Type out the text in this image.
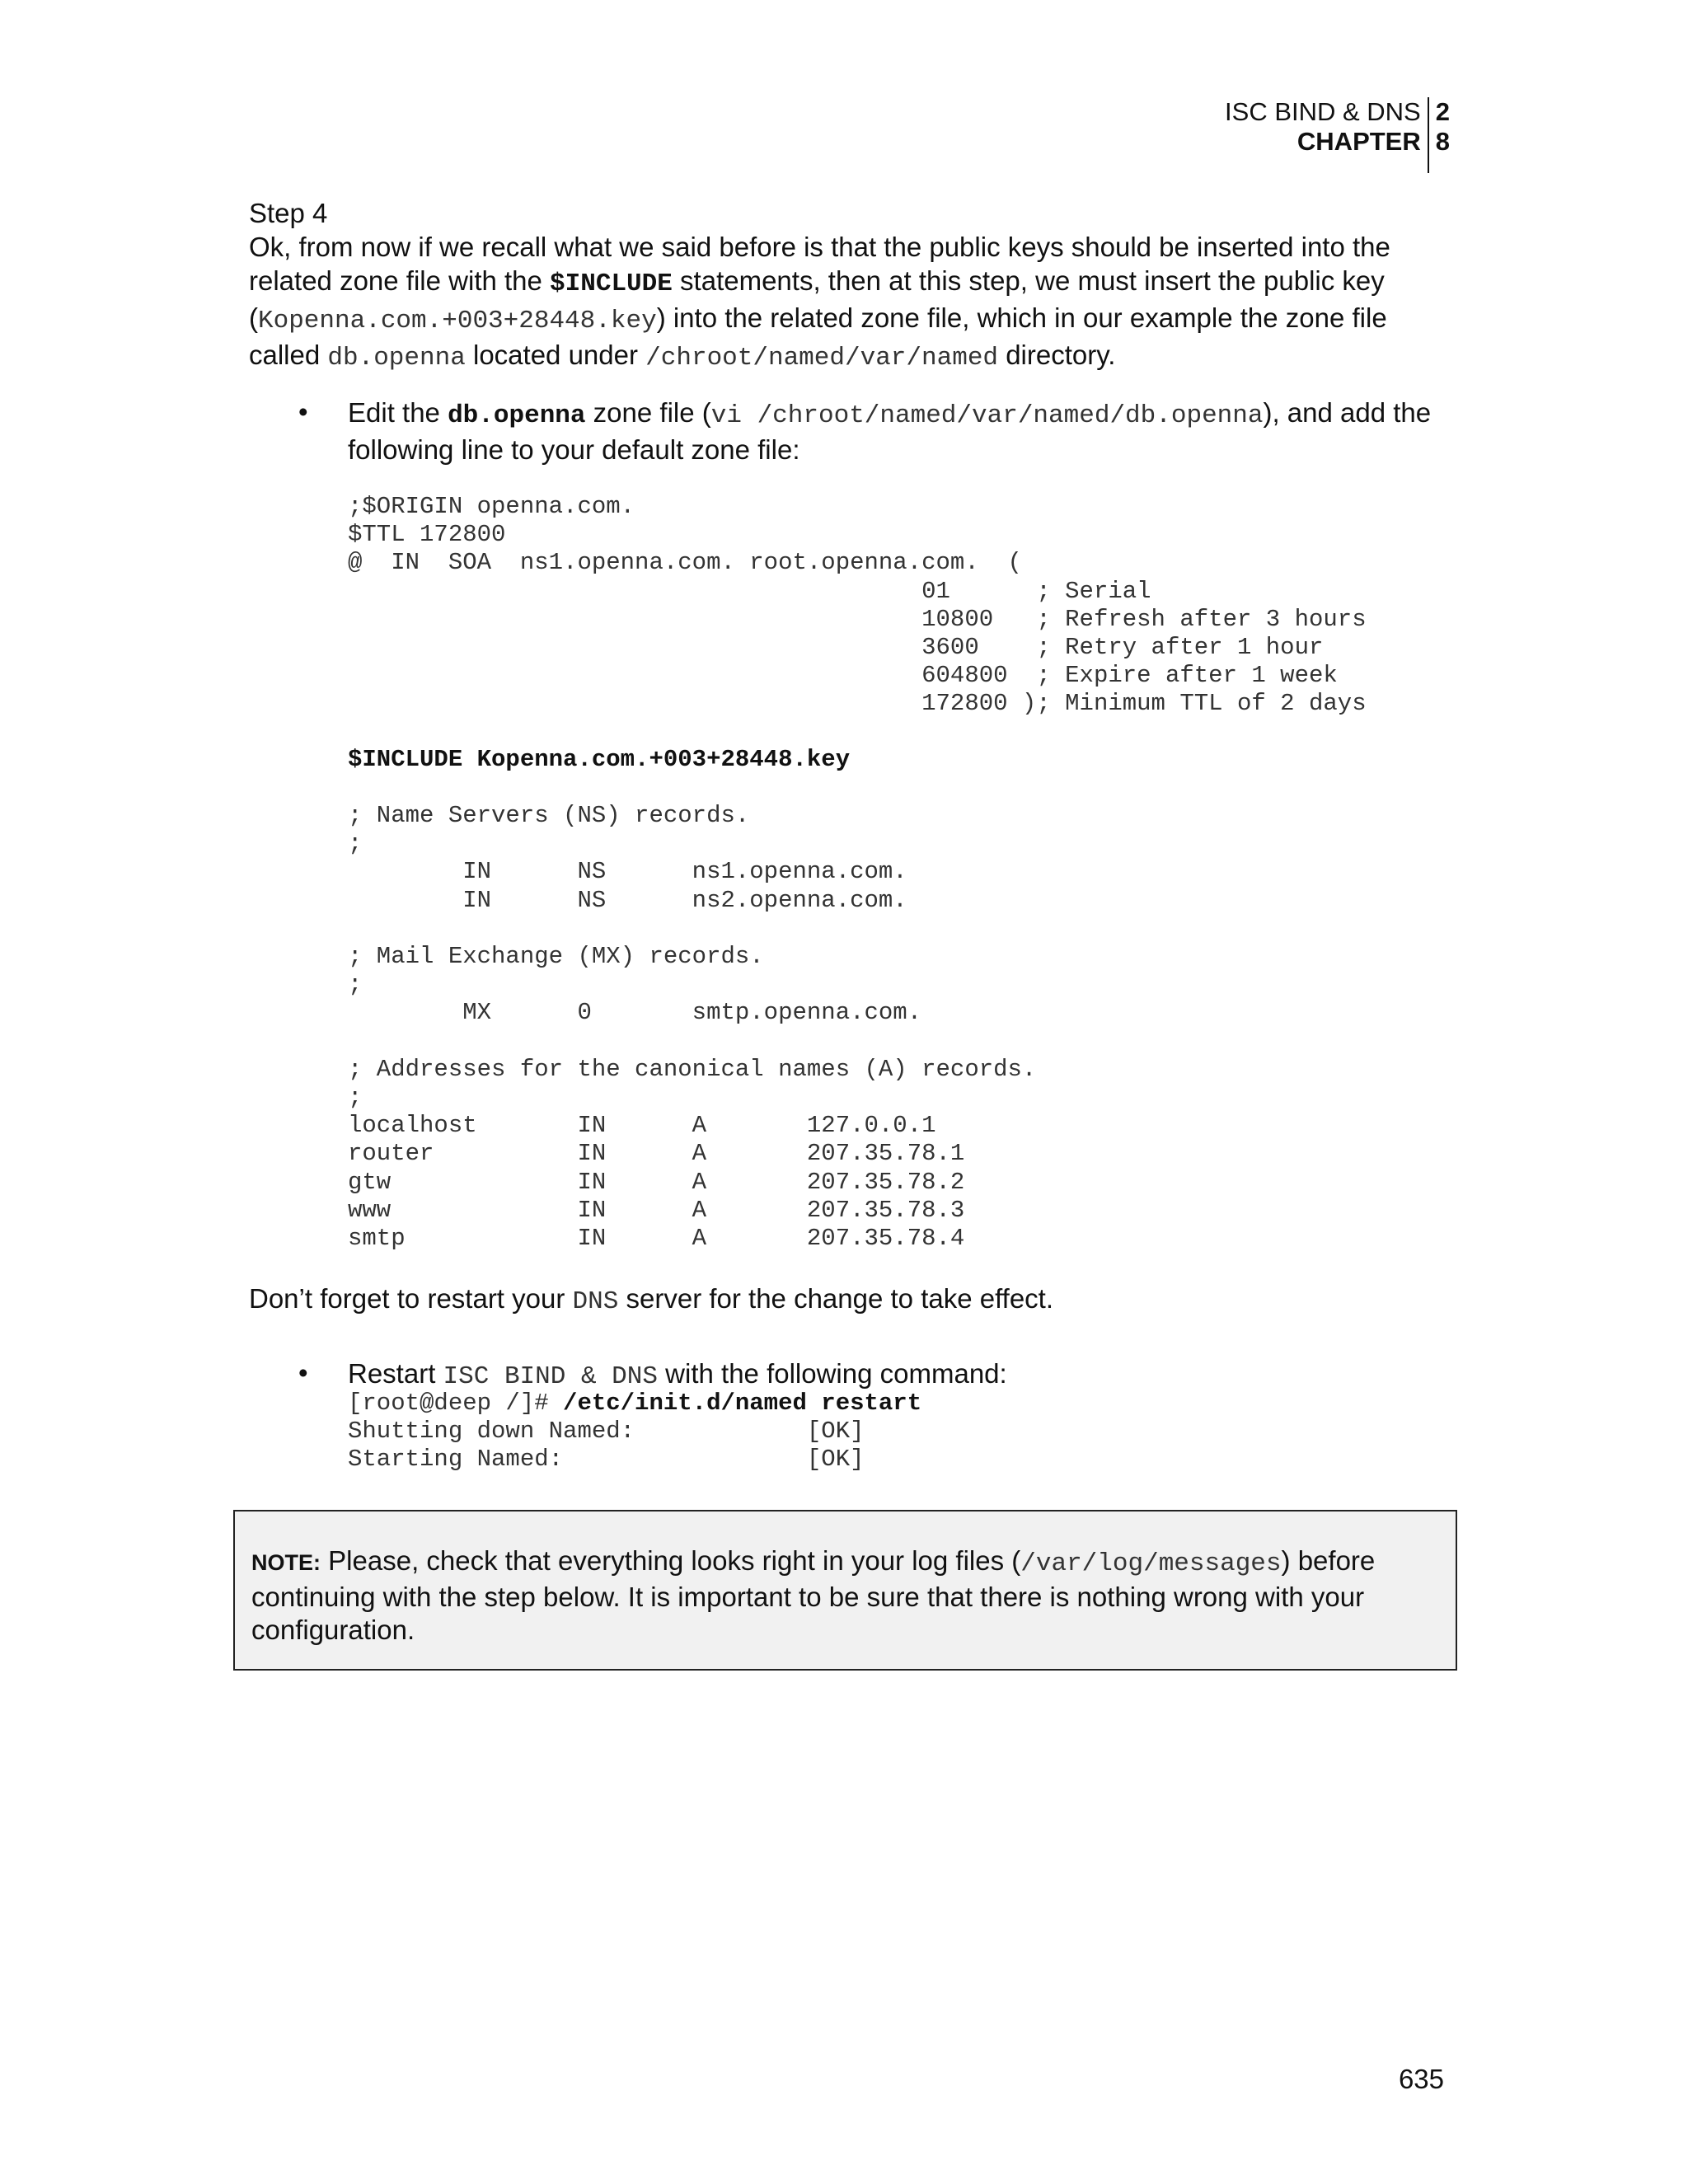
ISC BIND & DNS
CHAPTER
2
8
Step 4
Ok, from now if we recall what we said before is that the public keys should be inserted into the related zone file with the $INCLUDE statements, then at this step, we must insert the public key (Kopenna.com.+003+28448.key) into the related zone file, which in our example the zone file called db.openna located under /chroot/named/var/named directory.
• Edit the db.openna zone file (vi /chroot/named/var/named/db.openna), and add the following line to your default zone file:
;$ORIGIN openna.com.
$TTL 172800
@  IN  SOA  ns1.openna.com. root.openna.com.  (
01      ; Serial
10800   ; Refresh after 3 hours
3600    ; Retry after 1 hour
604800  ; Expire after 1 week
172800 ); Minimum TTL of 2 days
$INCLUDE Kopenna.com.+003+28448.key
; Name Servers (NS) records.
;
IN      NS      ns1.openna.com.
IN      NS      ns2.openna.com.

; Mail Exchange (MX) records.
;
MX      0       smtp.openna.com.

; Addresses for the canonical names (A) records.
;
localhost       IN      A       127.0.0.1
router          IN      A       207.35.78.1
gtw             IN      A       207.35.78.2
www             IN      A       207.35.78.3
smtp            IN      A       207.35.78.4
Don’t forget to restart your DNS server for the change to take effect.
• Restart ISC BIND & DNS with the following command:
[root@deep /]# /etc/init.d/named restart
Shutting down Named:            [OK]
Starting Named:                 [OK]
NOTE: Please, check that everything looks right in your log files (/var/log/messages) before continuing with the step below. It is important to be sure that there is nothing wrong with your configuration.
635
